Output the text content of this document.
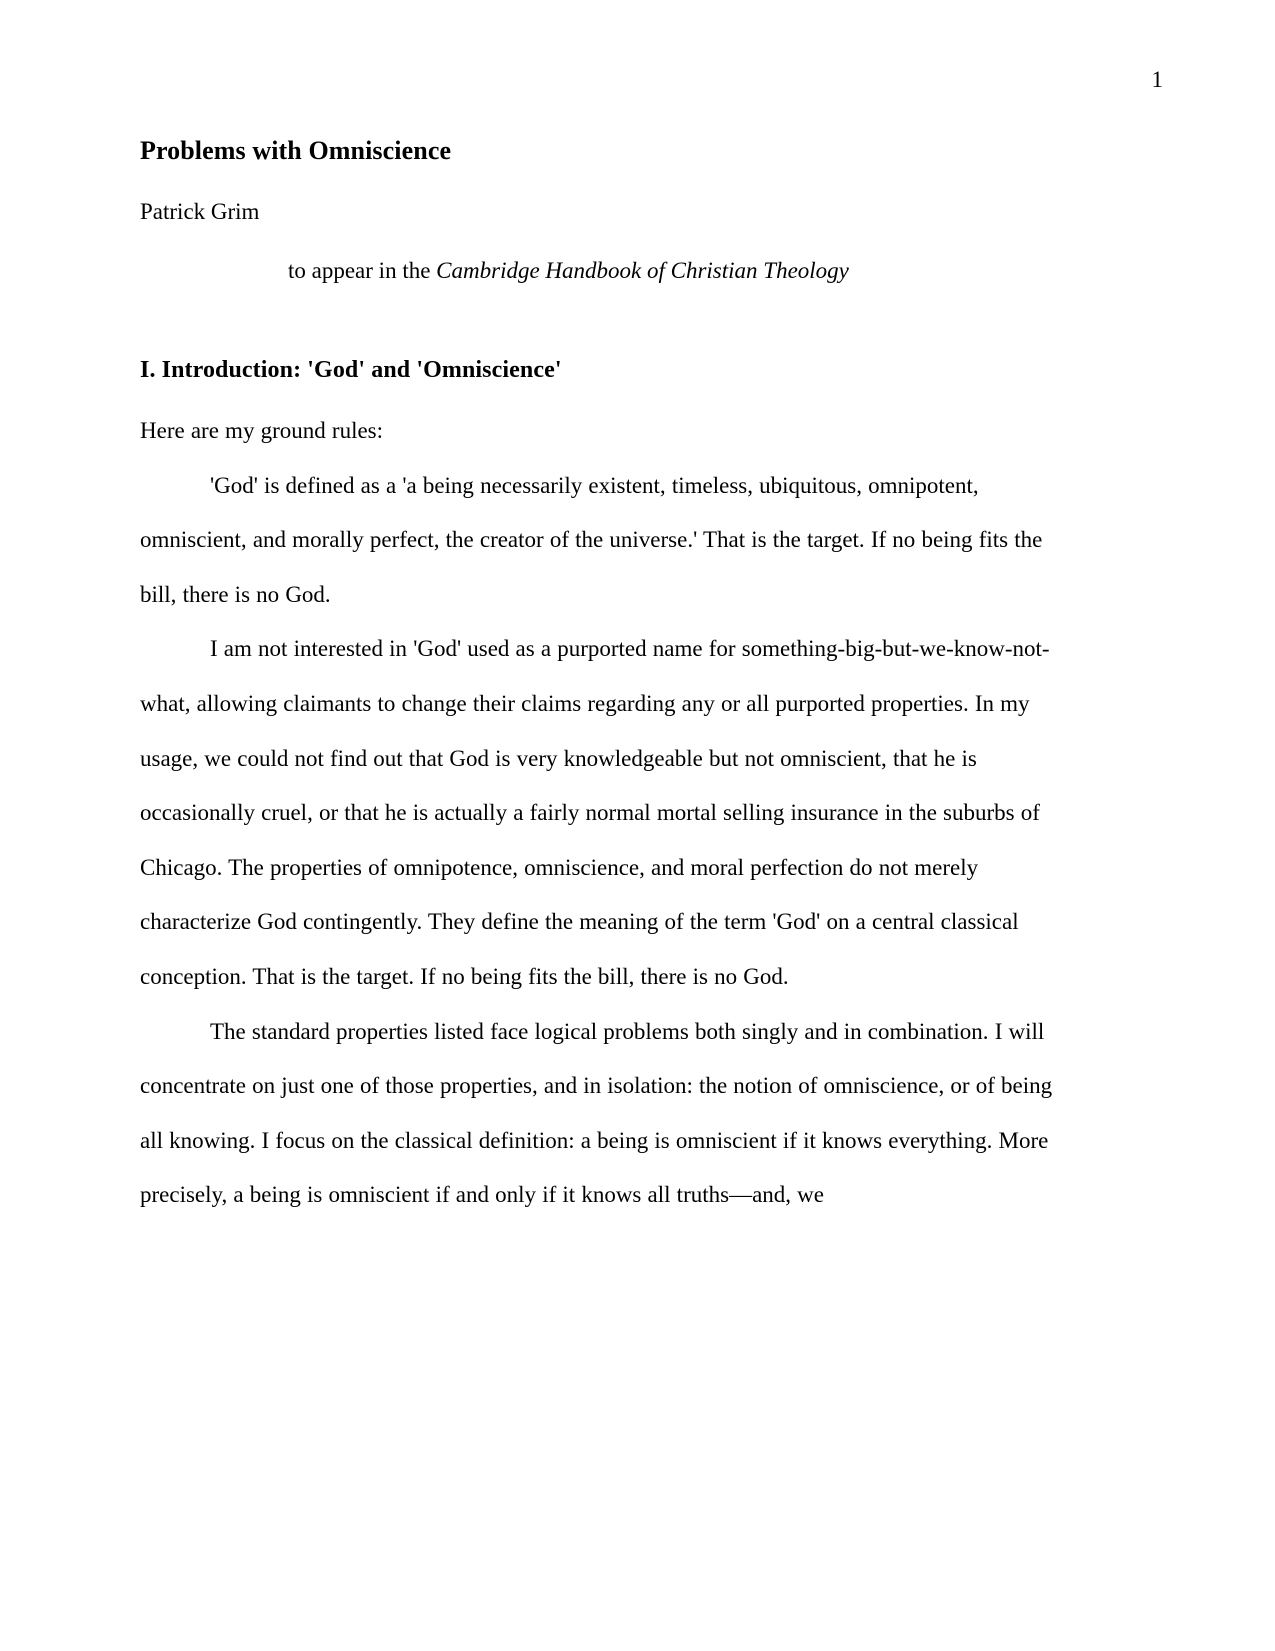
1
Problems with Omniscience
Patrick Grim
to appear in the Cambridge Handbook of Christian Theology
I. Introduction: 'God' and 'Omniscience'

Here are my ground rules:

'God' is defined as a 'a being necessarily existent, timeless, ubiquitous, omnipotent, omniscient, and morally perfect, the creator of the universe.' That is the target. If no being fits the bill, there is no God.

I am not interested in 'God' used as a purported name for something-big-but-we-know-not-what, allowing claimants to change their claims regarding any or all purported properties. In my usage, we could not find out that God is very knowledgeable but not omniscient, that he is occasionally cruel, or that he is actually a fairly normal mortal selling insurance in the suburbs of Chicago. The properties of omnipotence, omniscience, and moral perfection do not merely characterize God contingently. They define the meaning of the term 'God' on a central classical conception. That is the target. If no being fits the bill, there is no God.

The standard properties listed face logical problems both singly and in combination. I will concentrate on just one of those properties, and in isolation: the notion of omniscience, or of being all knowing. I focus on the classical definition: a being is omniscient if it knows everything. More precisely, a being is omniscient if and only if it knows all truths—and, we
